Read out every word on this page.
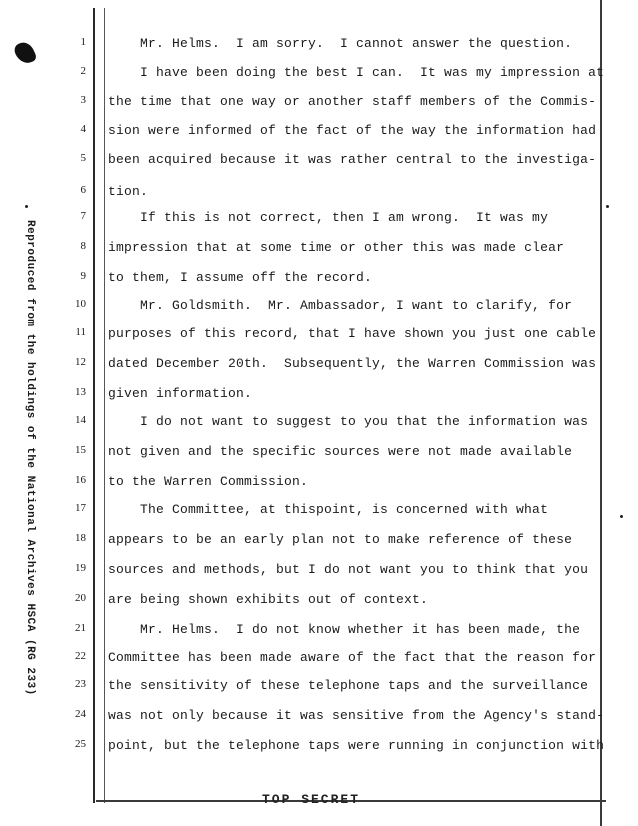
Reproduced from the holdings of the National Archives HSCA (RG 233)
1
2
3
4
5
6
7
8
9
10
11
12
13
14
15
16
17
18
19
20
21
22
23
24
25
Mr. Helms.  I am sorry.  I cannot answer the question.
I have been doing the best I can.  It was my impression at
the time that one way or another staff members of the Commis-
sion were informed of the fact of the way the information had
been acquired because it was rather central to the investiga-
tion.
If this is not correct, then I am wrong.  It was my
impression that at some time or other this was made clear
to them, I assume off the record.
Mr. Goldsmith.  Mr. Ambassador, I want to clarify, for
purposes of this record, that I have shown you just one cable
dated December 20th.  Subsequently, the Warren Commission was
given information.
I do not want to suggest to you that the information was
not given and the specific sources were not made available
to the Warren Commission.
The Committee, at thispoint, is concerned with what
appears to be an early plan not to make reference of these
sources and methods, but I do not want you to think that you
are being shown exhibits out of context.
Mr. Helms.  I do not know whether it has been made, the
Committee has been made aware of the fact that the reason for
the sensitivity of these telephone taps and the surveillance
was not only because it was sensitive from the Agency's stand-
point, but the telephone taps were running in conjunction with
TOP SECRET
